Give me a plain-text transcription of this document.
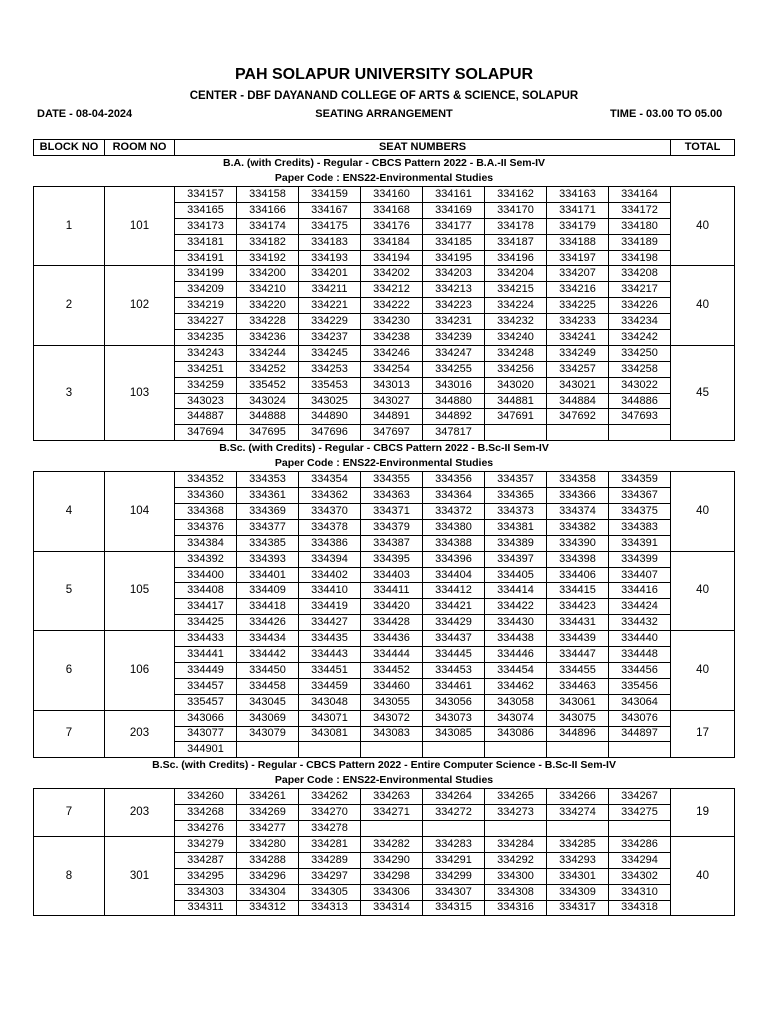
PAH SOLAPUR UNIVERSITY SOLAPUR
CENTER - DBF DAYANAND COLLEGE OF ARTS & SCIENCE, SOLAPUR
DATE - 08-04-2024	SEATING ARRANGEMENT	TIME - 03.00 TO 05.00
BLOCK NO	ROOM NO	SEAT NUMBERS								TOTAL
B.A. (with Credits) - Regular - CBCS Pattern 2022 - B.A.-II Sem-IV										
Paper Code : ENS22-Environmental Studies										
1	101	334157	334158	334159	334160	334161	334162	334163	334164	40
		334165	334166	334167	334168	334169	334170	334171	334172	
		334173	334174	334175	334176	334177	334178	334179	334180	
		334181	334182	334183	334184	334185	334187	334188	334189	
		334191	334192	334193	334194	334195	334196	334197	334198	
2	102	334199	334200	334201	334202	334203	334204	334207	334208	40
		334209	334210	334211	334212	334213	334215	334216	334217	
		334219	334220	334221	334222	334223	334224	334225	334226	
		334227	334228	334229	334230	334231	334232	334233	334234	
		334235	334236	334237	334238	334239	334240	334241	334242	
3	103	334243	334244	334245	334246	334247	334248	334249	334250	45
		334251	334252	334253	334254	334255	334256	334257	334258	
		334259	335452	335453	343013	343016	343020	343021	343022	
		343023	343024	343025	343027	344880	344881	344884	344886	
		344887	344888	344890	344891	344892	347691	347692	347693	
		347694	347695	347696	347697	347817				
B.Sc. (with Credits) - Regular - CBCS Pattern 2022 - B.Sc-II Sem-IV										
Paper Code : ENS22-Environmental Studies										
4	104	334352	334353	334354	334355	334356	334357	334358	334359	40
		334360	334361	334362	334363	334364	334365	334366	334367	
		334368	334369	334370	334371	334372	334373	334374	334375	
		334376	334377	334378	334379	334380	334381	334382	334383	
		334384	334385	334386	334387	334388	334389	334390	334391	
5	105	334392	334393	334394	334395	334396	334397	334398	334399	40
		334400	334401	334402	334403	334404	334405	334406	334407	
		334408	334409	334410	334411	334412	334414	334415	334416	
		334417	334418	334419	334420	334421	334422	334423	334424	
		334425	334426	334427	334428	334429	334430	334431	334432	
6	106	334433	334434	334435	334436	334437	334438	334439	334440	40
		334441	334442	334443	334444	334445	334446	334447	334448	
		334449	334450	334451	334452	334453	334454	334455	334456	
		334457	334458	334459	334460	334461	334462	334463	335456	
		335457	343045	343048	343055	343056	343058	343061	343064	
7	203	343066	343069	343071	343072	343073	343074	343075	343076	17
		343077	343079	343081	343083	343085	343086	344896	344897	
		344901								
B.Sc. (with Credits) - Regular - CBCS Pattern 2022 - Entire Computer Science - B.Sc-II Sem-IV										
Paper Code : ENS22-Environmental Studies										
7	203	334260	334261	334262	334263	334264	334265	334266	334267	19
		334268	334269	334270	334271	334272	334273	334274	334275	
		334276	334277	334278						
8	301	334279	334280	334281	334282	334283	334284	334285	334286	40
		334287	334288	334289	334290	334291	334292	334293	334294	
		334295	334296	334297	334298	334299	334300	334301	334302	
		334303	334304	334305	334306	334307	334308	334309	334310	
		334311	334312	334313	334314	334315	334316	334317	334318	
